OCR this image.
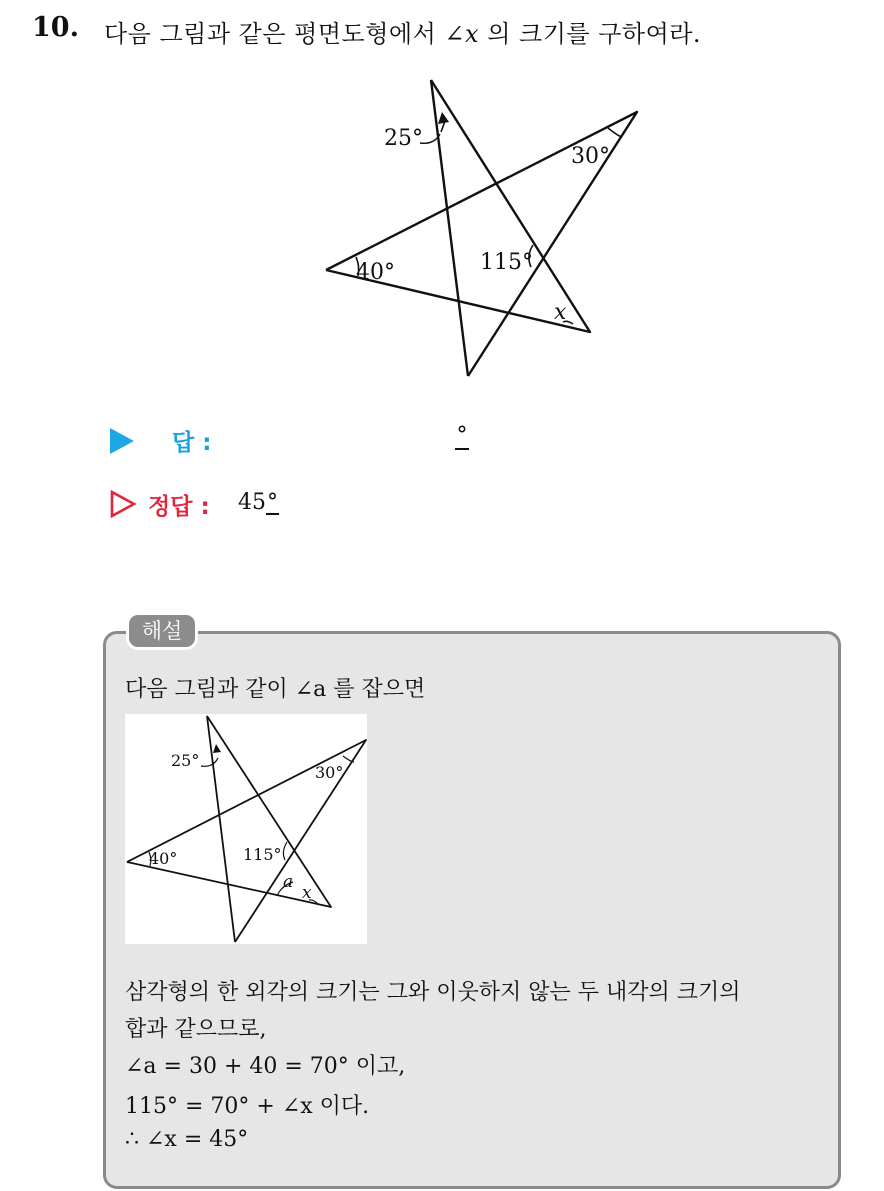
10. 다음 그림과 같은 평면도형에서 ∠x 의 크기를 구하여라.
25°
30°
40°	115°
x
답 :	°
정답 : 45°
해설
다음 그림과 같이 ∠a 를 잡으면
25°
30°
40°	115°
a
x
삼각형의 한 외각의 크기는 그와 이웃하지 않는 두 내각의 크기의
합과 같으므로,
∠a = 30 + 40 = 70° 이고,
115° = 70° + ∠x 이다.
∴ ∠x = 45°
